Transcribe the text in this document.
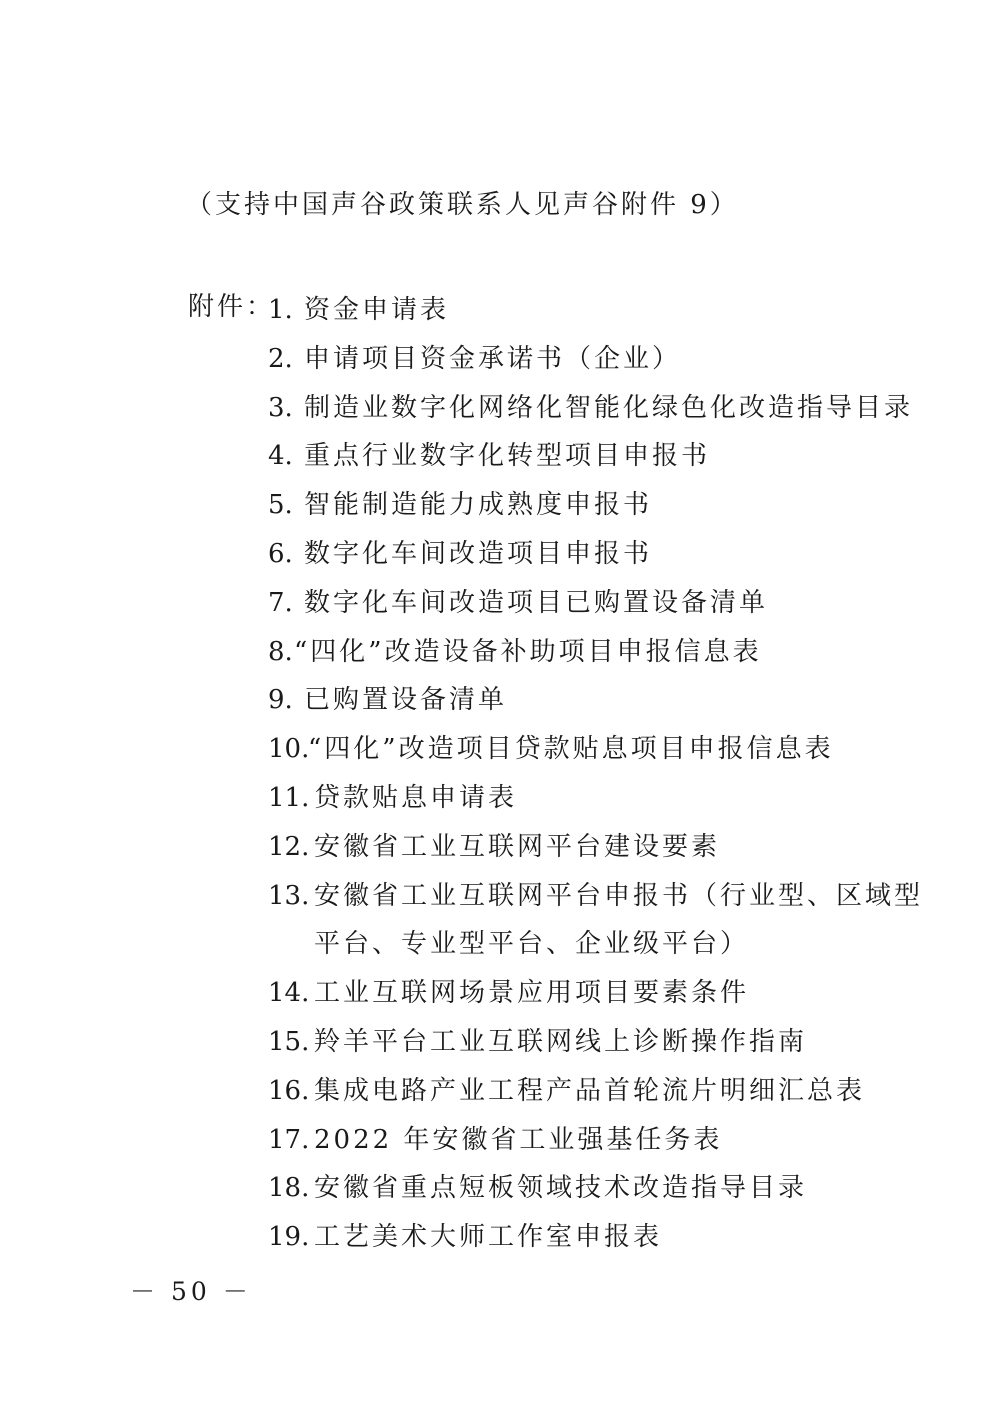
（支持中国声谷政策联系人见声谷附件 9）
附件：
1. 资金申请表
2. 申请项目资金承诺书（企业）
3. 制造业数字化网络化智能化绿色化改造指导目录
4. 重点行业数字化转型项目申报书
5. 智能制造能力成熟度申报书
6. 数字化车间改造项目申报书
7. 数字化车间改造项目已购置设备清单
8. “四化”改造设备补助项目申报信息表
9. 已购置设备清单
10.
“四化”改造项目贷款贴息项目申报信息表
11. 贷款贴息申请表
12. 安徽省工业互联网平台建设要素
13. 安徽省工业互联网平台申报书（行业型、区域型
平台、专业型平台、企业级平台）
14. 工业互联网场景应用项目要素条件
15. 羚羊平台工业互联网线上诊断操作指南
16. 集成电路产业工程产品首轮流片明细汇总表
17. 2022 年安徽省工业强基任务表
18. 安徽省重点短板领域技术改造指导目录
19. 工艺美术大师工作室申报表
－ 50 －
